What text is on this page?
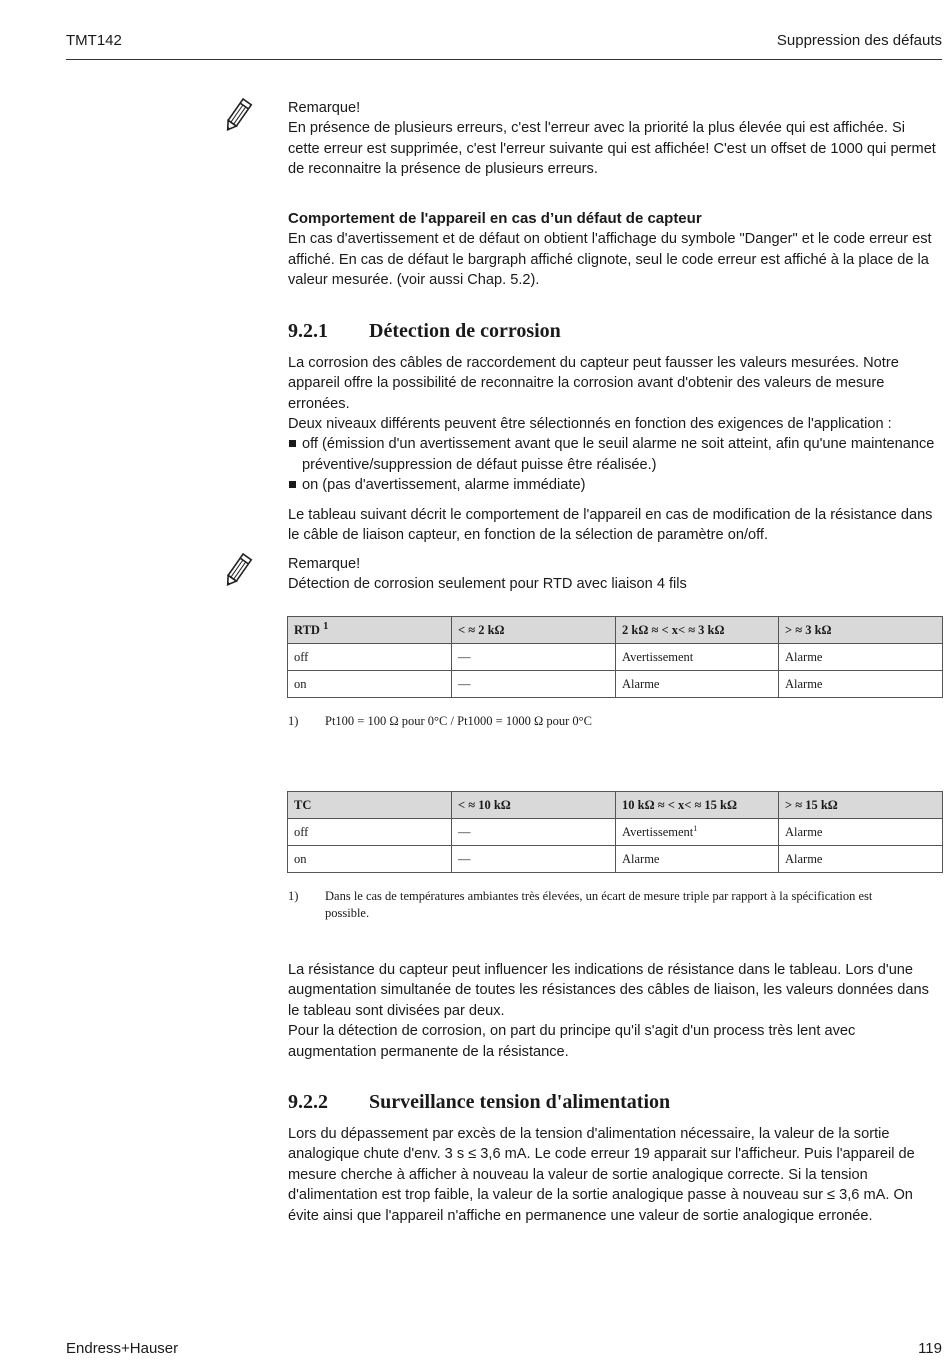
TMT142	Suppression des défauts
Remarque!
En présence de plusieurs erreurs, c'est l'erreur avec la priorité la plus élevée qui est affichée. Si cette erreur est supprimée, c'est l'erreur suivante qui est affichée! C'est un offset de 1000 qui permet de reconnaitre la présence de plusieurs erreurs.
Comportement de l'appareil en cas d’un défaut de capteur
En cas d'avertissement et de défaut on obtient l'affichage du symbole "Danger" et le code erreur est affiché. En cas de défaut le bargraph affiché clignote, seul le code erreur est affiché à la place de la valeur mesurée. (voir aussi Chap. 5.2).
9.2.1 Détection de corrosion
La corrosion des câbles de raccordement du capteur peut fausser les valeurs mesurées. Notre appareil offre la possibilité de reconnaitre la corrosion avant d'obtenir des valeurs de mesure erronées.
Deux niveaux différents peuvent être sélectionnés en fonction des exigences de l'application :
off (émission d'un avertissement avant que le seuil alarme ne soit atteint, afin qu'une maintenance préventive/suppression de défaut puisse être réalisée.)
on (pas d'avertissement, alarme immédiate)
Le tableau suivant décrit le comportement de l'appareil en cas de modification de la résistance dans le câble de liaison capteur, en fonction de la sélection de paramètre on/off.
Remarque!
Détection de corrosion seulement pour RTD avec liaison 4 fils
RTD $^1$	< ≈ 2 kΩ	2 kΩ ≈ < x< ≈ 3 kΩ	> ≈ 3 kΩ
off	—	Avertissement	Alarme
on	—	Alarme	Alarme
1) Pt100 = 100 Ω pour 0°C / Pt1000 = 1000 Ω pour 0°C
TC	< ≈ 10 kΩ	10 kΩ ≈ < x< ≈ 15 kΩ	> ≈ 15 kΩ
off	—	Avertissement$^1$	Alarme
on	—	Alarme	Alarme
1) Dans le cas de températures ambiantes très élevées, un écart de mesure triple par rapport à la spécification est possible.
La résistance du capteur peut influencer les indications de résistance dans le tableau. Lors d'une augmentation simultanée de toutes les résistances des câbles de liaison, les valeurs données dans le tableau sont divisées par deux.
Pour la détection de corrosion, on part du principe qu'il s'agit d'un process très lent avec augmentation permanente de la résistance.
9.2.2 Surveillance tension d'alimentation
Lors du dépassement par excès de la tension d'alimentation nécessaire, la valeur de la sortie analogique chute d'env. 3 s ≤ 3,6 mA. Le code erreur 19 apparait sur l'afficheur. Puis l'appareil de mesure cherche à afficher à nouveau la valeur de sortie analogique correcte. Si la tension d'alimentation est trop faible, la valeur de la sortie analogique passe à nouveau sur ≤ 3,6 mA. On évite ainsi que l'appareil n'affiche en permanence une valeur de sortie analogique erronée.
Endress+Hauser	119
